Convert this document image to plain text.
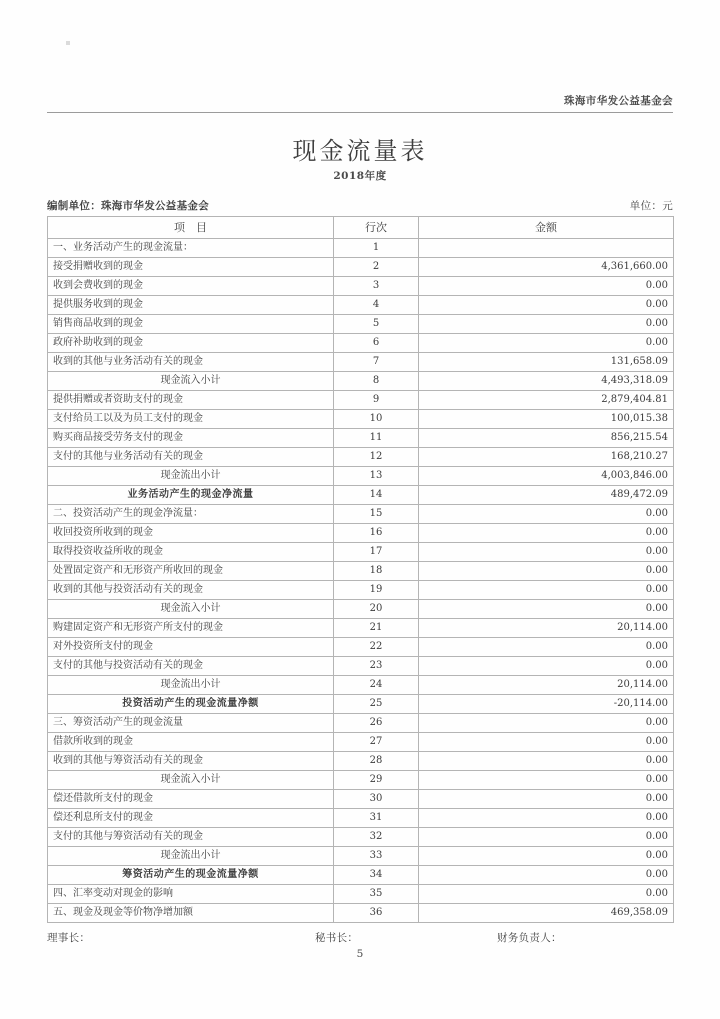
珠海市华发公益基金会
现金流量表
2018年度
编制单位：珠海市华发公益基金会	单位：元
项　目	行次	金额
一、业务活动产生的现金流量：	1	
接受捐赠收到的现金	2	4,361,660.00
收到会费收到的现金	3	0.00
提供服务收到的现金	4	0.00
销售商品收到的现金	5	0.00
政府补助收到的现金	6	0.00
收到的其他与业务活动有关的现金	7	131,658.09
现金流入小计	8	4,493,318.09
提供捐赠或者资助支付的现金	9	2,879,404.81
支付给员工以及为员工支付的现金	10	100,015.38
购买商品接受劳务支付的现金	11	856,215.54
支付的其他与业务活动有关的现金	12	168,210.27
现金流出小计	13	4,003,846.00
业务活动产生的现金净流量	14	489,472.09
二、投资活动产生的现金净流量：	15	0.00
收回投资所收到的现金	16	0.00
取得投资收益所收的现金	17	0.00
处置固定资产和无形资产所收回的现金	18	0.00
收到的其他与投资活动有关的现金	19	0.00
现金流入小计	20	0.00
购建固定资产和无形资产所支付的现金	21	20,114.00
对外投资所支付的现金	22	0.00
支付的其他与投资活动有关的现金	23	0.00
现金流出小计	24	20,114.00
投资活动产生的现金流量净额	25	-20,114.00
三、筹资活动产生的现金流量	26	0.00
借款所收到的现金	27	0.00
收到的其他与筹资活动有关的现金	28	0.00
现金流入小计	29	0.00
偿还借款所支付的现金	30	0.00
偿还利息所支付的现金	31	0.00
支付的其他与筹资活动有关的现金	32	0.00
现金流出小计	33	0.00
筹资活动产生的现金流量净额	34	0.00
四、汇率变动对现金的影响	35	0.00
五、现金及现金等价物净增加额	36	469,358.09
理事长：	秘书长：	财务负责人：
5
